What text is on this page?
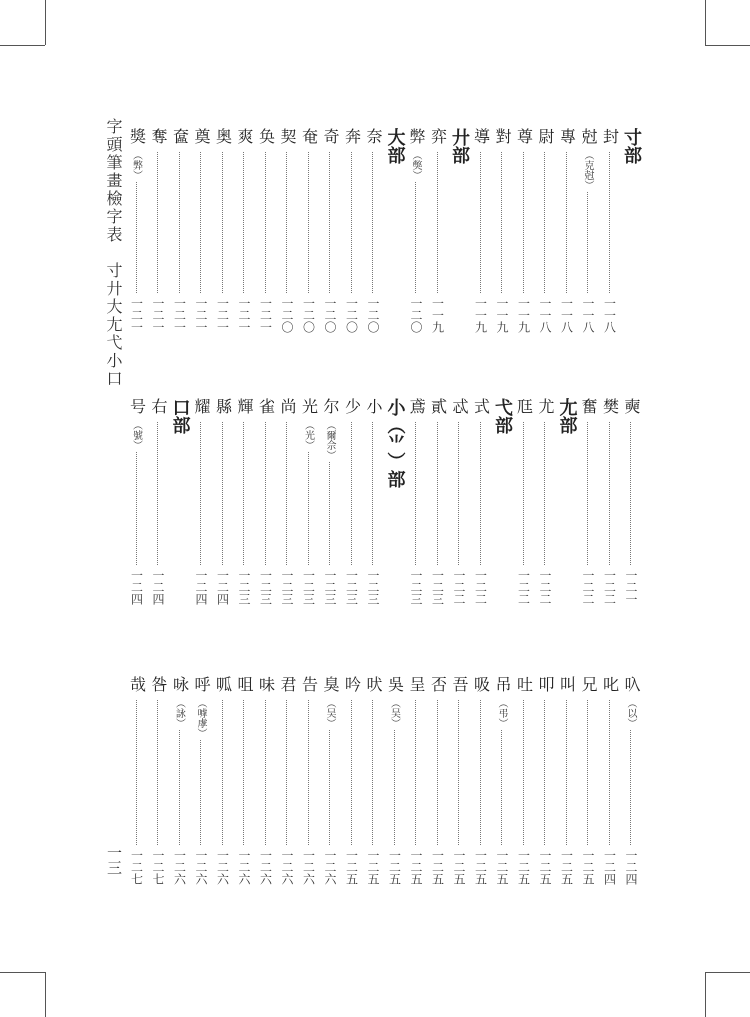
字頭筆畫檢字表　寸廾大尢弋小口
一三
寸部
封
一一八
尅
（克尅）
一一八
專
一一八
尉
一一八
尊
一一九
對
一一九
導
一一九
廾部
弈
一一九
弊
（獘）
一二〇
大部
奈
一二〇
奔
一二〇
奇
一二〇
奄
一二〇
契
一二〇
奂
一二一
爽
一二一
奥
一二一
奠
一二一
奩
一二一
奪
一二一
獎
（弊）
一二一
奭
一二一
樊
一二二
奮
一二二
尢部
尤
一二二
尫
一二二
弋部
式
一二二
忒
一二二
貳
一二三
鳶
一二三
小（⺌）部
小
一二三
少
一二三
尔
（爾佘）
一二三
光
（光）
一二三
尚
一二三
雀
一二三
輝
一二三
縣
一二四
耀
一二四
口部
右
一二四
号
（號）
一二四
叺
（以）
一二四
叱
一二四
兄
一二五
叫
一二五
叩
一二五
吐
一二五
吊
（弔）
一二五
吸
一二五
吾
一二五
否
一二五
呈
一二五
吳
（吴）
一二五
吠
一二五
吟
一二五
臭
（吴）
一二六
告
一二六
君
一二六
味
一二六
咀
一二六
呱
一二六
呼
（嘑虖）
一二六
咏
（詠）
一二六
咎
一二七
哉
一二七
